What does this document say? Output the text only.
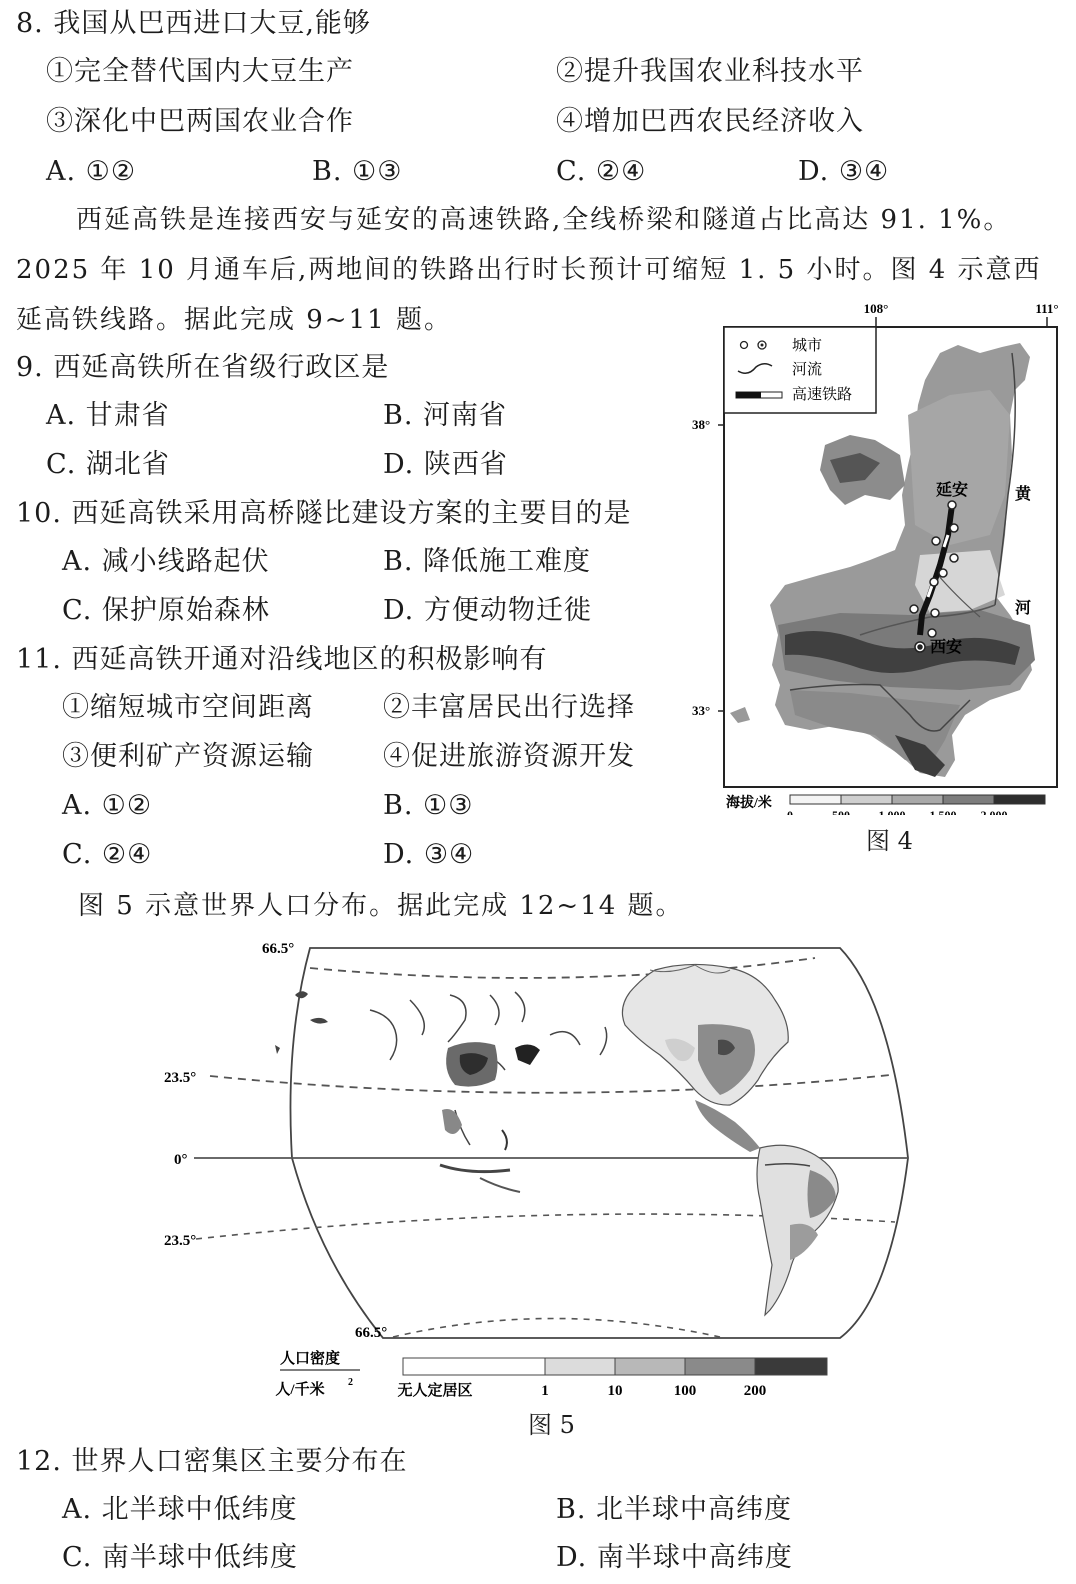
8. 我国从巴西进口大豆,能够
①完全替代国内大豆生产	②提升我国农业科技水平
③深化中巴两国农业合作	④增加巴西农民经济收入
A. ①②	B. ①③	C. ②④	D. ③④
西延高铁是连接西安与延安的高速铁路,全线桥梁和隧道占比高达 91. 1%。
2025 年 10 月通车后,两地间的铁路出行时长预计可缩短 1. 5 小时。图 4 示意西
延高铁线路。据此完成 9~11 题。
9. 西延高铁所在省级行政区是
A. 甘肃省	B. 河南省
C. 湖北省	D. 陕西省
10. 西延高铁采用高桥隧比建设方案的主要目的是
A. 减小线路起伏	B. 降低施工难度
C. 保护原始森林	D. 方便动物迁徙
11. 西延高铁开通对沿线地区的积极影响有
①缩短城市空间距离	②丰富居民出行选择
③便利矿产资源运输	④促进旅游资源开发
A. ①②	B. ①③
C. ②④	D. ③④
108°	111°
38°
33°
延安
西安
黄
河
城市
河流
高速铁路
海拔/米
0	500 1 000 1 500 2 000
图 4
图 5 示意世界人口分布。据此完成 12~14 题。
66.5°
23.5°
0°
23.5°
66.5°
人口密度
人/千米 2
无人定居区	1	10	100	200
图 5
12. 世界人口密集区主要分布在
A. 北半球中低纬度	B. 北半球中高纬度
C. 南半球中低纬度	D. 南半球中高纬度
